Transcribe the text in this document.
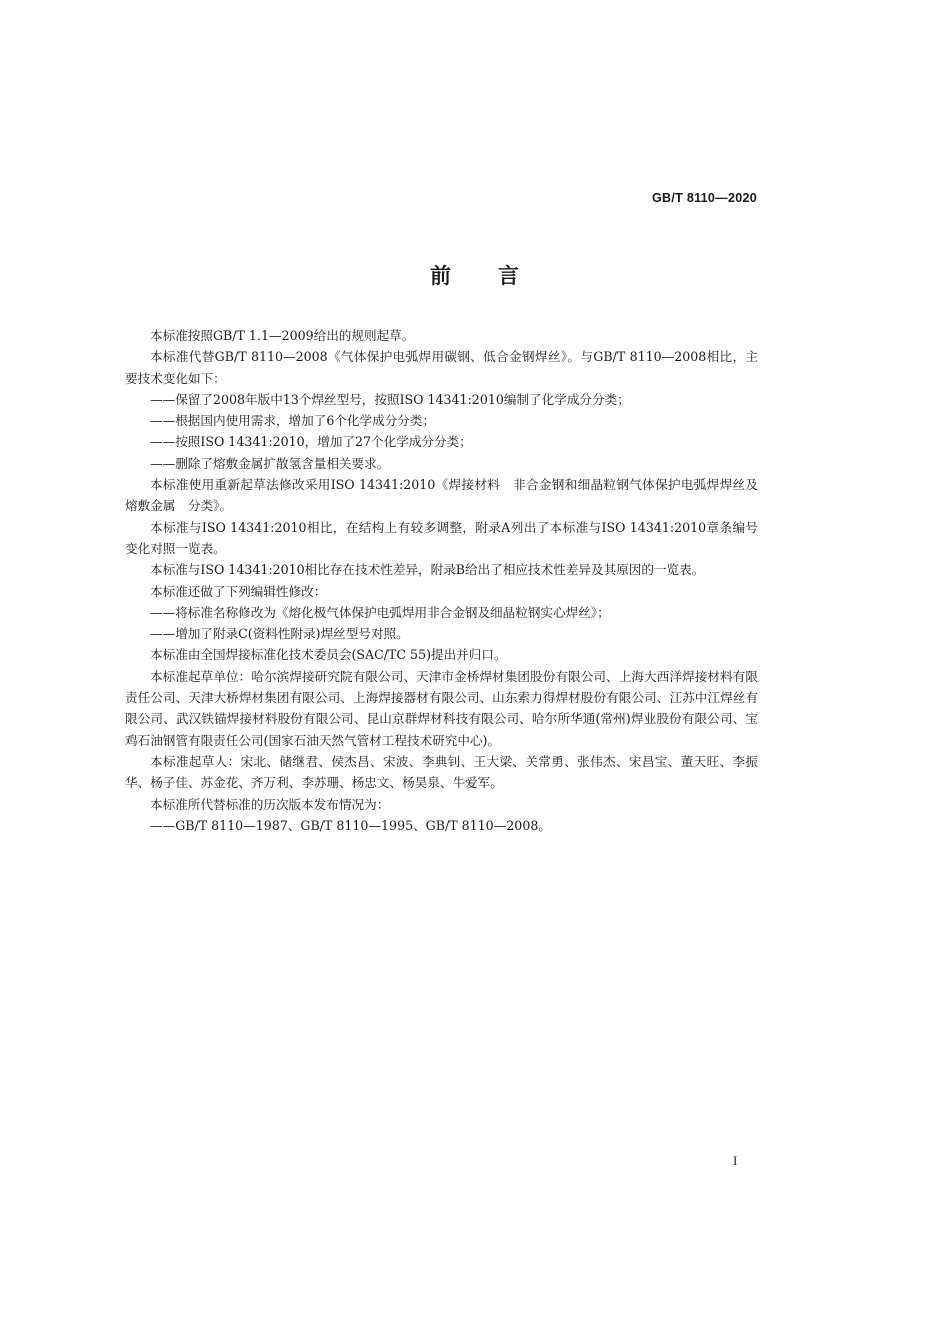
GB/T 8110—2020
前 言

本标准按照GB/T 1.1—2009给出的规则起草。

本标准代替GB/T 8110—2008《气体保护电弧焊用碳钢、低合金钢焊丝》。与GB/T 8110—2008相比，主要技术变化如下：

——保留了2008年版中13个焊丝型号，按照ISO 14341:2010编制了化学成分分类；

——根据国内使用需求，增加了6个化学成分分类；

——按照ISO 14341:2010，增加了27个化学成分分类；

——删除了熔敷金属扩散氢含量相关要求。

本标准使用重新起草法修改采用ISO 14341:2010《焊接材料　非合金钢和细晶粒钢气体保护电弧焊焊丝及熔敷金属　分类》。

本标准与ISO 14341:2010相比，在结构上有较多调整，附录A列出了本标准与ISO 14341:2010章条编号变化对照一览表。

本标准与ISO 14341:2010相比存在技术性差异，附录B给出了相应技术性差异及其原因的一览表。

本标准还做了下列编辑性修改：

——将标准名称修改为《熔化极气体保护电弧焊用非合金钢及细晶粒钢实心焊丝》；

——增加了附录C(资料性附录)焊丝型号对照。

本标准由全国焊接标准化技术委员会(SAC/TC 55)提出并归口。

本标准起草单位：哈尔滨焊接研究院有限公司、天津市金桥焊材集团股份有限公司、上海大西洋焊接材料有限责任公司、天津大桥焊材集团有限公司、上海焊接器材有限公司、山东索力得焊材股份有限公司、江苏中江焊丝有限公司、武汉铁锚焊接材料股份有限公司、昆山京群焊材科技有限公司、哈尔所华通(常州)焊业股份有限公司、宝鸡石油钢管有限责任公司(国家石油天然气管材工程技术研究中心)。

本标准起草人：宋北、储继君、侯杰昌、宋波、李典钊、王大梁、关常勇、张伟杰、宋昌宝、董天旺、李振华、杨子佳、苏金花、齐万利、李苏珊、杨忠文、杨昊泉、牛爱军。

本标准所代替标准的历次版本发布情况为：

——GB/T 8110—1987、GB/T 8110—1995、GB/T 8110—2008。

I
